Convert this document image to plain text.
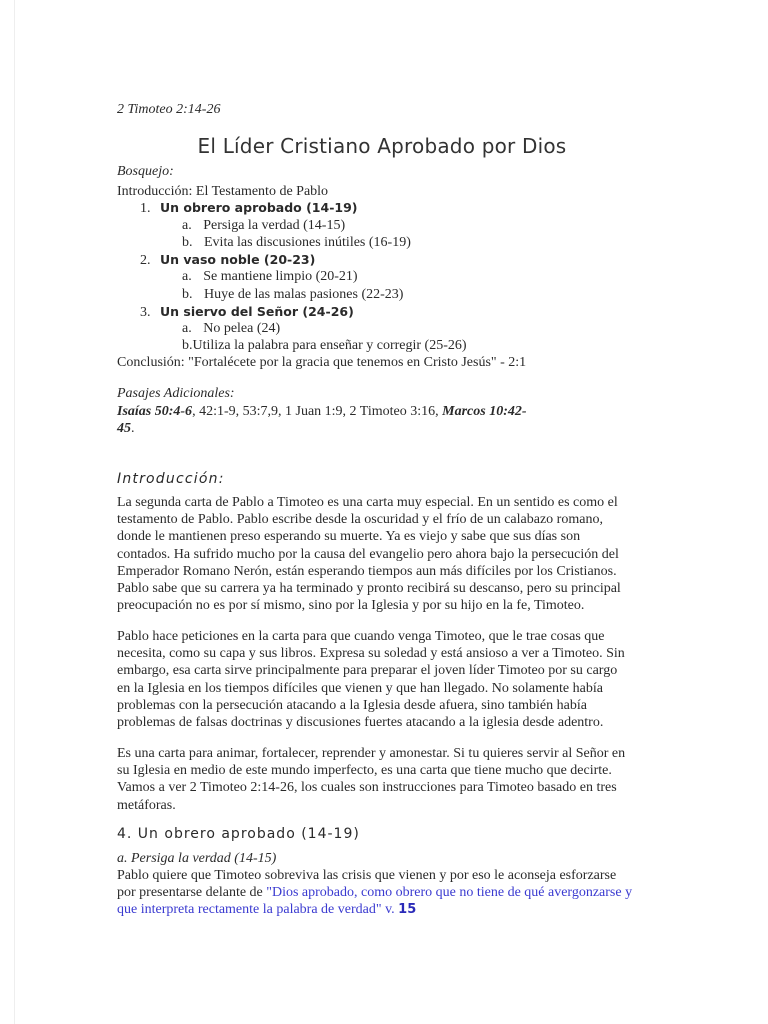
2 Timoteo 2:14-26
El Líder Cristiano Aprobado por Dios
Bosquejo:
Introducción: El Testamento de Pablo
1. Un obrero aprobado (14-19)
a. Persiga la verdad (14-15)
b. Evita las discusiones inútiles (16-19)
2. Un vaso noble (20-23)
a. Se mantiene limpio (20-21)
b. Huye de las malas pasiones (22-23)
3. Un siervo del Señor (24-26)
a. No pelea (24)
b.Utiliza la palabra para enseñar y corregir (25-26)
Conclusión: "Fortalécete por la gracia que tenemos en Cristo Jesús" - 2:1
Pasajes Adicionales:
Isaías 50:4-6, 42:1-9, 53:7,9, 1 Juan 1:9, 2 Timoteo 3:16, Marcos 10:42-
45.
Introducción:
La segunda carta de Pablo a Timoteo es una carta muy especial. En un sentido es como el
testamento de Pablo. Pablo escribe desde la oscuridad y el frío de un calabazo romano,
donde le mantienen preso esperando su muerte. Ya es viejo y sabe que sus días son
contados. Ha sufrido mucho por la causa del evangelio pero ahora bajo la persecución del
Emperador Romano Nerón, están esperando tiempos aun más difíciles por los Cristianos.
Pablo sabe que su carrera ya ha terminado y pronto recibirá su descanso, pero su principal
preocupación no es por sí mismo, sino por la Iglesia y por su hijo en la fe, Timoteo.
Pablo hace peticiones en la carta para que cuando venga Timoteo, que le trae cosas que
necesita, como su capa y sus libros. Expresa su soledad y está ansioso a ver a Timoteo. Sin
embargo, esa carta sirve principalmente para preparar el joven líder Timoteo por su cargo
en la Iglesia en los tiempos difíciles que vienen y que han llegado. No solamente había
problemas con la persecución atacando a la Iglesia desde afuera, sino también había
problemas de falsas doctrinas y discusiones fuertes atacando a la iglesia desde adentro.
Es una carta para animar, fortalecer, reprender y amonestar. Si tu quieres servir al Señor en
su Iglesia en medio de este mundo imperfecto, es una carta que tiene mucho que decirte.
Vamos a ver 2 Timoteo 2:14-26, los cuales son instrucciones para Timoteo basado en tres
metáforas.
4. Un obrero aprobado (14-19)
a. Persiga la verdad (14-15)
Pablo quiere que Timoteo sobreviva las crisis que vienen y por eso le aconseja esforzarse
por presentarse delante de "Dios aprobado, como obrero que no tiene de qué avergonzarse y
que interpreta rectamente la palabra de verdad" v. 15
